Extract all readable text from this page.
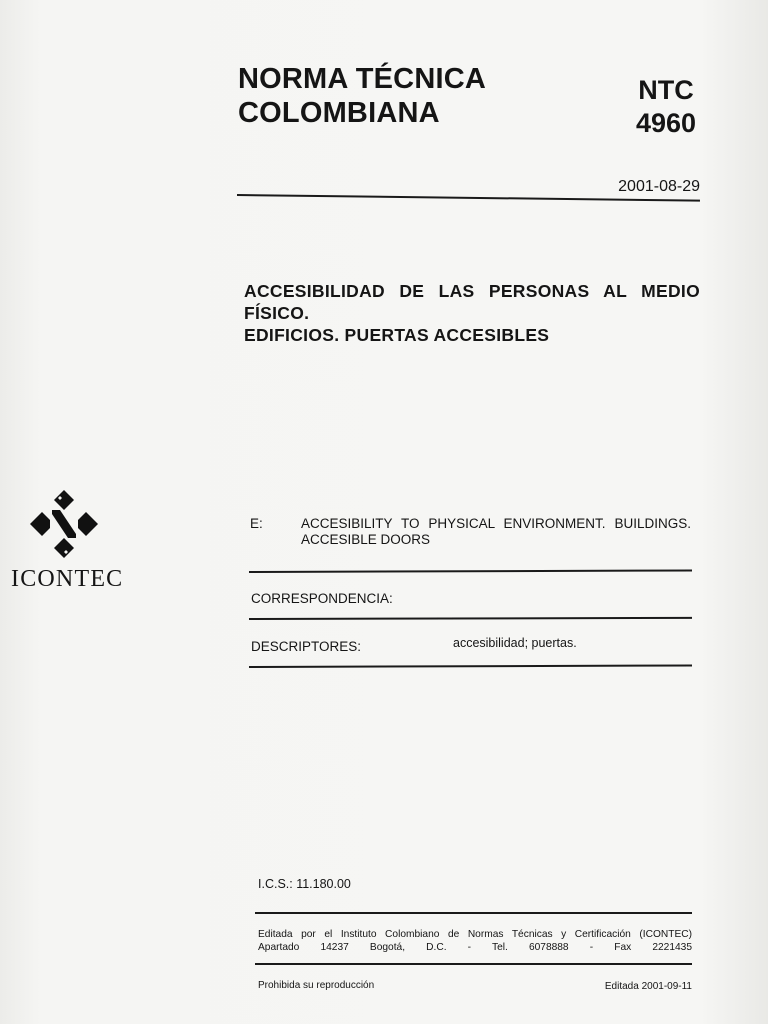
NORMA TÉCNICA
COLOMBIANA
NTC
4960
2001-08-29
ACCESIBILIDAD DE LAS PERSONAS AL MEDIO
FÍSICO.
EDIFICIOS. PUERTAS ACCESIBLES
ICONTEC
E:	ACCESIBILITY TO PHYSICAL ENVIRONMENT. BUILDINGS.
ACCESIBLE DOORS
CORRESPONDENCIA:
DESCRIPTORES:	accesibilidad; puertas.
I.C.S.: 11.180.00
Editada por el Instituto Colombiano de Normas Técnicas y Certificación (ICONTEC)
Apartado 14237 Bogotá, D.C. - Tel. 6078888 - Fax 2221435
Prohibida su reproducción	Editada 2001-09-11
